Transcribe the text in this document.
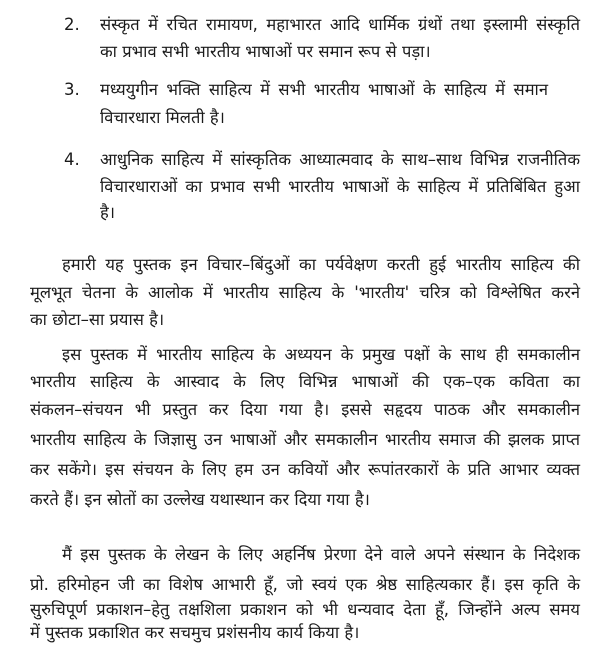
2. संस्कृत में रचित रामायण, महाभारत आदि धार्मिक ग्रंथों तथा इस्लामी संस्कृति
का प्रभाव सभी भारतीय भाषाओं पर समान रूप से पड़ा।
3. मध्ययुगीन भक्ति साहित्य में सभी भारतीय भाषाओं के साहित्य में समान
विचारधारा मिलती है।
4. आधुनिक साहित्य में सांस्कृतिक आध्यात्मवाद के साथ–साथ विभिन्न राजनीतिक
विचारधाराओं का प्रभाव सभी भारतीय भाषाओं के साहित्य में प्रतिबिंबित हुआ
है।
हमारी यह पुस्तक इन विचार–बिंदुओं का पर्यवेक्षण करती हुई भारतीय साहित्य की
मूलभूत चेतना के आलोक में भारतीय साहित्य के 'भारतीय' चरित्र को विश्लेषित करने
का छोटा–सा प्रयास है।
इस पुस्तक में भारतीय साहित्य के अध्ययन के प्रमुख पक्षों के साथ ही समकालीन
भारतीय साहित्य के आस्वाद के लिए विभिन्न भाषाओं की एक–एक कविता का
संकलन–संचयन भी प्रस्तुत कर दिया गया है। इससे सहृदय पाठक और समकालीन
भारतीय साहित्य के जिज्ञासु उन भाषाओं और समकालीन भारतीय समाज की झलक प्राप्त
कर सकेंगे। इस संचयन के लिए हम उन कवियों और रूपांतरकारों के प्रति आभार व्यक्त
करते हैं। इन स्रोतों का उल्लेख यथास्थान कर दिया गया है।
मैं इस पुस्तक के लेखन के लिए अहर्निष प्रेरणा देने वाले अपने संस्थान के निदेशक
प्रो. हरिमोहन जी का विशेष आभारी हूँ, जो स्वयं एक श्रेष्ठ साहित्यकार हैं। इस कृति के
सुरुचिपूर्ण प्रकाशन–हेतु तक्षशिला प्रकाशन को भी धन्यवाद देता हूँ, जिन्होंने अल्प समय
में पुस्तक प्रकाशित कर सचमुच प्रशंसनीय कार्य किया है।
